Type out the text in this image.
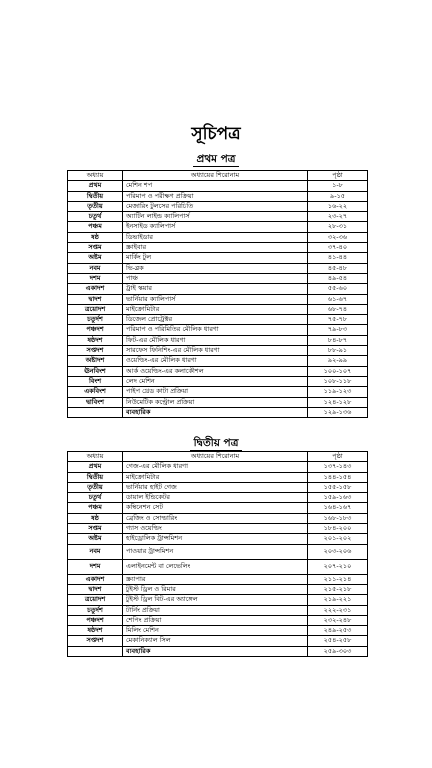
সূচিপত্র
প্রথম পত্র
অধ্যায়	অধ্যায়ের শিরোনাম	পৃষ্ঠা
প্রথম	মেশিন শপ	১-৮
দ্বিতীয়	পরিমাপ ও পরীক্ষণ প্রক্রিয়া	৯-১৫
তৃতীয়	মেজারিং টুলসের পরিচিতি	১৬-২২
চতুর্থ	অ্যাটিন লাইন্ড ক্যালিপার্স	২৩-২৭
পঞ্চম	ইনসাইড ক্যালিপার্স	২৮-৩১
ষষ্ঠ	ডিভাইডার	৩২-৩৬
সপ্তম	স্ক্রাইবার	৩৭-৪০
অষ্টম	মার্কিং টুল	৪১-৪৪
নবম	ভি-ব্লক	৪৫-৪৮
দশম	পাঞ্চ	৪৯-৫৪
একাদশ	ট্রাই স্কয়ার	৫৫-৬০
দ্বাদশ	ভার্নিয়ার ক্যালিপার্স	৬১-৬৭
ত্রয়োদশ	মাইক্রোমিটার	৬৮-৭৪
চতুর্দশ	ডিজেল প্রোট্রেক্টর	৭৫-৭৮
পঞ্চদশ	পরিমাপ ও পরিমিতির মৌলিক ধারণা	৭৯-৮৩
ষষ্ঠদশ	ফিট-এর মৌলিক ধারণা	৮৪-৮৭
সপ্তদশ	সারফেস ফিনিশিং-এর মৌলিক ধারণা	৮৮-৯১
অষ্টাদশ	ওয়েল্ডিং-এর মৌলিক ধারণা	৯২-৯৯
ঊনবিংশ	আর্ক ওয়েল্ডিং-এর কলাকৌশল	১০০-১০৭
বিংশ	লেদ মেশিন	১০৮-১১৮
একবিংশ	পাইপ থ্রেড কাটা প্রক্রিয়া	১১৯-১২৩
দ্বাবিংশ	নিউমেটিক কন্ট্রোল প্রক্রিয়া	১২৪-১২৮
	ব্যবহারিক	১২৯-১৩৬
দ্বিতীয় পত্র
অধ্যায়	অধ্যায়ের শিরোনাম	পৃষ্ঠা
প্রথম	গেজ-এর মৌলিক ধারণা	১৩৭-১৪৩
দ্বিতীয়	মাইক্রোমিটার	১৪৪-১৫৪
তৃতীয়	ভার্নিয়ার হাইট গেজ	১৫৫-১৫৮
চতুর্থ	ডায়াল ইন্ডিকেটর	১৫৯-১৬৩
পঞ্চম	কম্বিনেশন সেট	১৬৪-১৬৭
ষষ্ঠ	ব্রেজিং ও সোল্ডারিং	১৬৮-১৮৩
সপ্তম	গ্যাস ওয়েল্ডিং	১৮৪-২০০
অষ্টম	হাইড্রোলিক ট্রান্সমিশন	২০১-২০২
নবম	পাওয়ার ট্রান্সমিশন	২০৩-২০৬
দশম	এলাইনমেন্ট বা লেভেলিং	২০৭-২১০
একাদশ	স্ক্র্যাপার	২১১-২১৪
দ্বাদশ	টুইস্ট ড্রিল ও রিমার	২১৫-২১৮
ত্রয়োদশ	টুইস্ট ড্রিল বিট-এর অ্যাঙ্গেল	২১৯-২২১
চতুর্দশ	টার্নিং প্রক্রিয়া	২২২-২৩১
পঞ্চদশ	শেপিং প্রক্রিয়া	২৩২-২৪৮
ষষ্ঠদশ	মিলিং মেশিন	২৪৯-২৫৩
সপ্তদশ	মেকানিক্যাল সিল	২৫৪-২৫৮
	ব্যবহারিক	২৫৯-৩০৩
